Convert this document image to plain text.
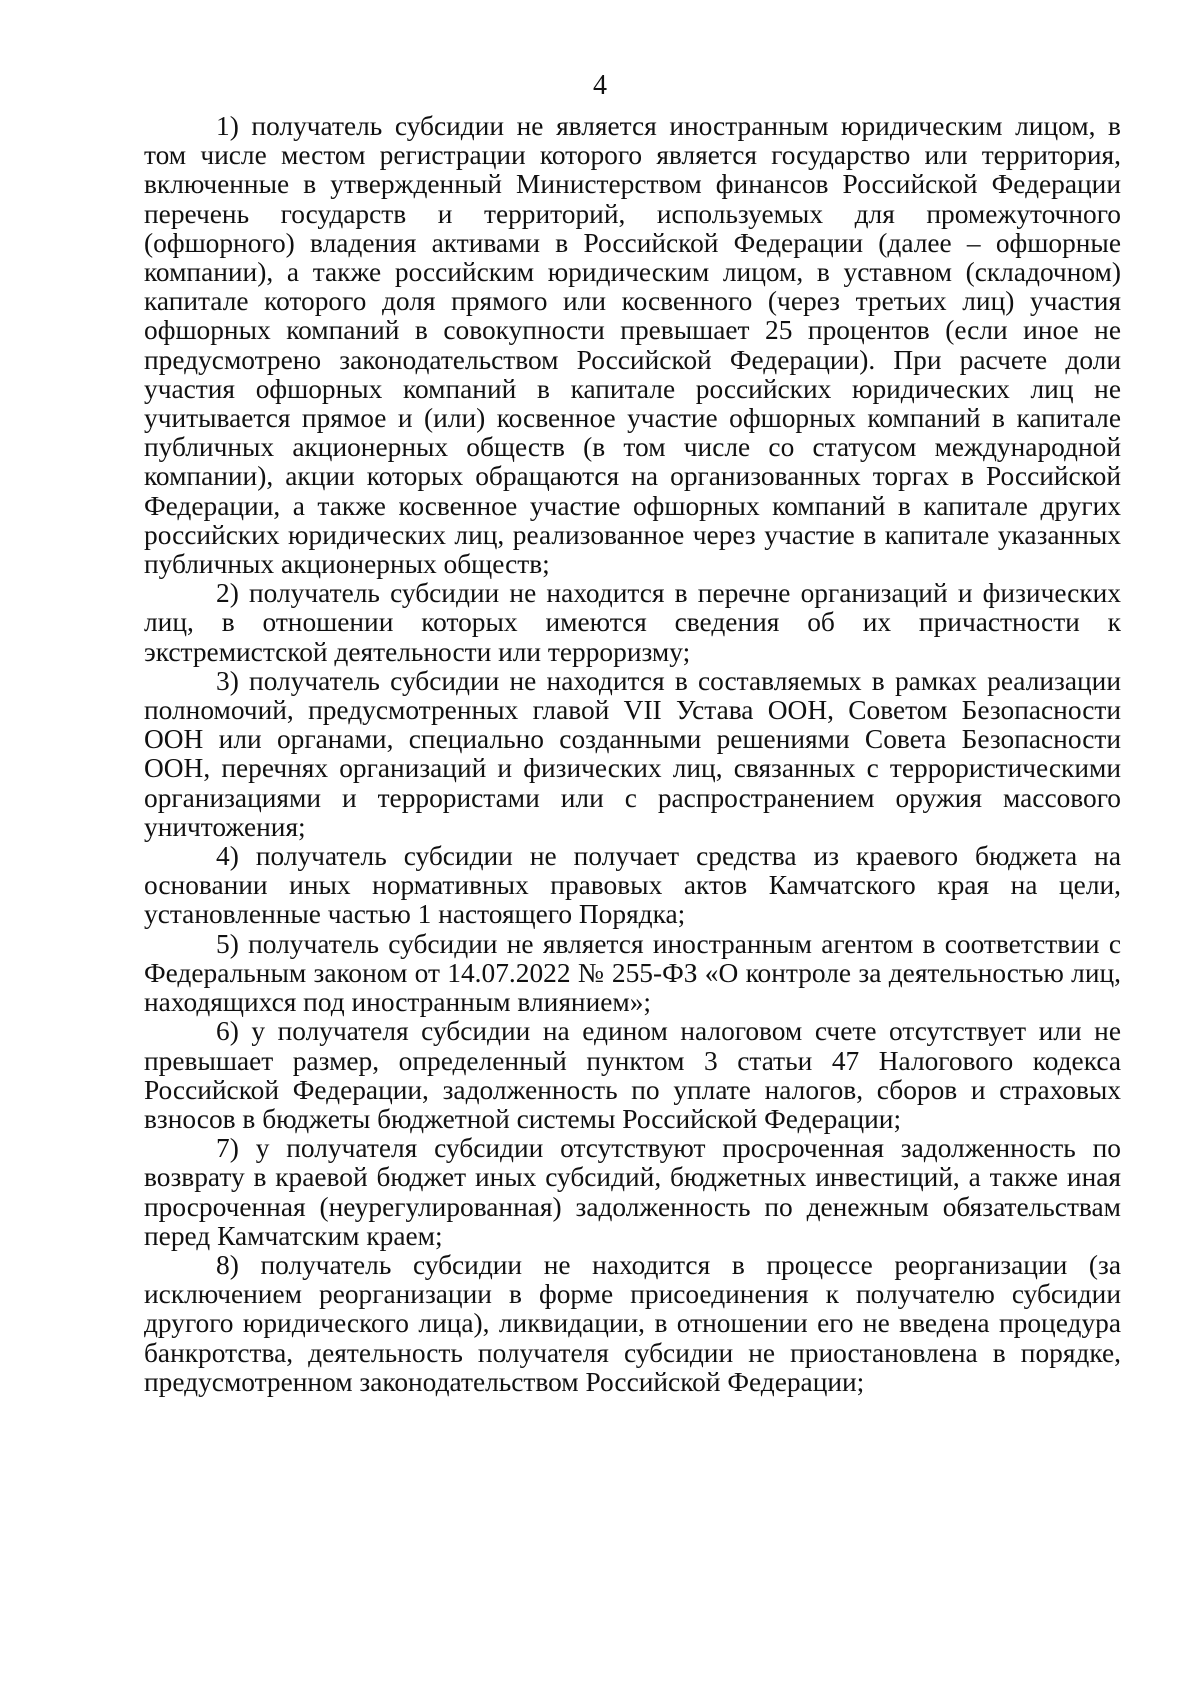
4

1) получатель субсидии не является иностранным юридическим лицом, в том числе местом регистрации которого является государство или территория, включенные в утвержденный Министерством финансов Российской Федерации перечень государств и территорий, используемых для промежуточного (офшорного) владения активами в Российской Федерации (далее – офшорные компании), а также российским юридическим лицом, в уставном (складочном) капитале которого доля прямого или косвенного (через третьих лиц) участия офшорных компаний в совокупности превышает 25 процентов (если иное не предусмотрено законодательством Российской Федерации). При расчете доли участия офшорных компаний в капитале российских юридических лиц не учитывается прямое и (или) косвенное участие офшорных компаний в капитале публичных акционерных обществ (в том числе со статусом международной компании), акции которых обращаются на организованных торгах в Российской Федерации, а также косвенное участие офшорных компаний в капитале других российских юридических лиц, реализованное через участие в капитале указанных публичных акционерных обществ;

2) получатель субсидии не находится в перечне организаций и физических лиц, в отношении которых имеются сведения об их причастности к экстремистской деятельности или терроризму;

3) получатель субсидии не находится в составляемых в рамках реализации полномочий, предусмотренных главой VII Устава ООН, Советом Безопасности ООН или органами, специально созданными решениями Совета Безопасности ООН, перечнях организаций и физических лиц, связанных с террористическими организациями и террористами или с распространением оружия массового уничтожения;

4) получатель субсидии не получает средства из краевого бюджета на основании иных нормативных правовых актов Камчатского края на цели, установленные частью 1 настоящего Порядка;

5) получатель субсидии не является иностранным агентом в соответствии с Федеральным законом от 14.07.2022 № 255-ФЗ «О контроле за деятельностью лиц, находящихся под иностранным влиянием»;

6) у получателя субсидии на едином налоговом счете отсутствует или не превышает размер, определенный пунктом 3 статьи 47 Налогового кодекса Российской Федерации, задолженность по уплате налогов, сборов и страховых взносов в бюджеты бюджетной системы Российской Федерации;

7) у получателя субсидии отсутствуют просроченная задолженность по возврату в краевой бюджет иных субсидий, бюджетных инвестиций, а также иная просроченная (неурегулированная) задолженность по денежным обязательствам перед Камчатским краем;

8) получатель субсидии не находится в процессе реорганизации (за исключением реорганизации в форме присоединения к получателю субсидии другого юридического лица), ликвидации, в отношении его не введена процедура банкротства, деятельность получателя субсидии не приостановлена в порядке, предусмотренном законодательством Российской Федерации;
